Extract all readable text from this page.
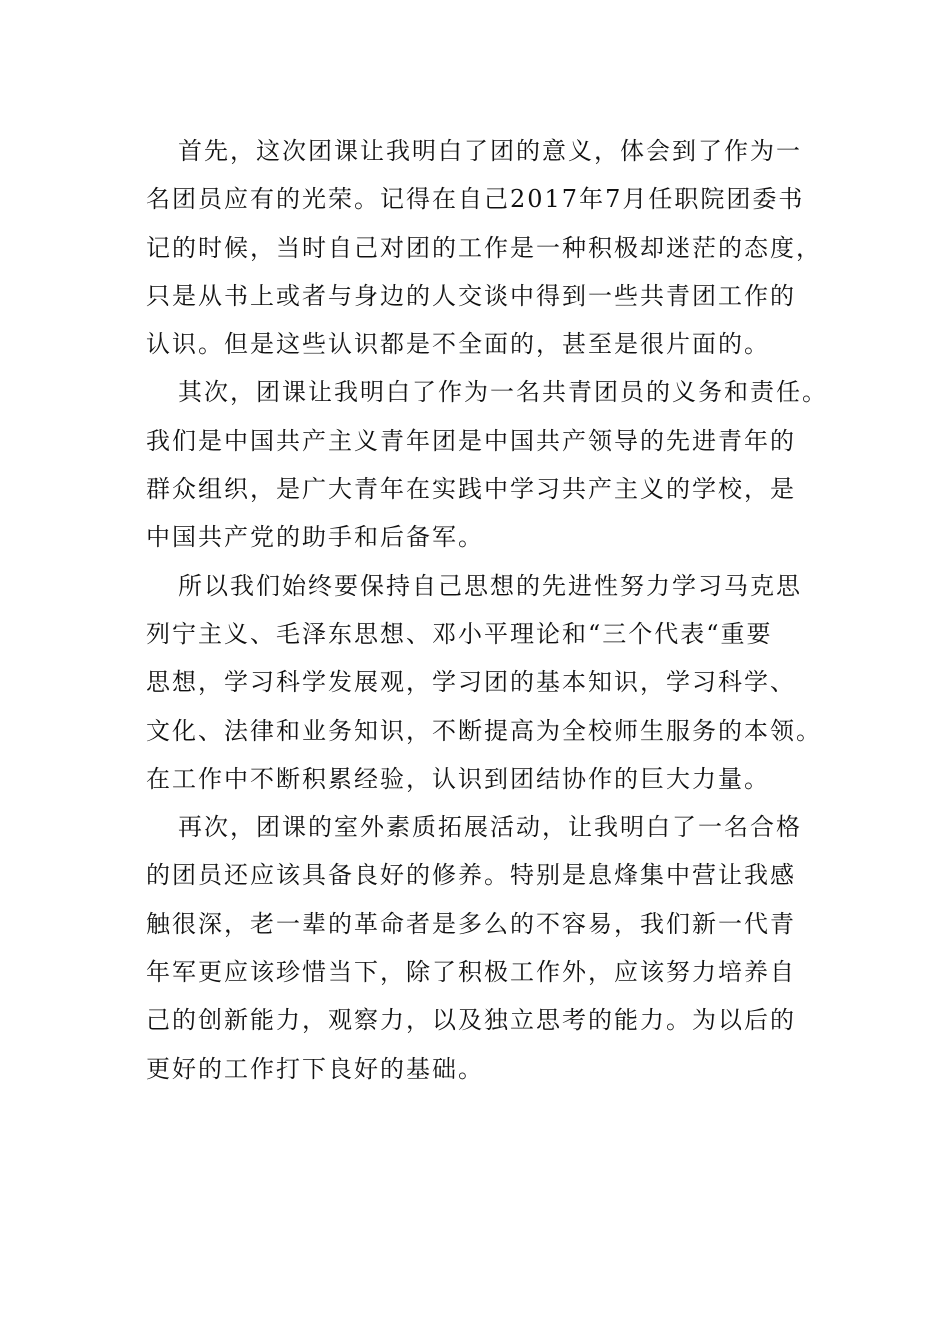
首先，这次团课让我明白了团的意义，体会到了作为一
名团员应有的光荣。记得在自己2017年7月任职院团委书
记的时候，当时自己对团的工作是一种积极却迷茫的态度，
只是从书上或者与身边的人交谈中得到一些共青团工作的
认识。但是这些认识都是不全面的，甚至是很片面的。
其次，团课让我明白了作为一名共青团员的义务和责任。
我们是中国共产主义青年团是中国共产领导的先进青年的
群众组织，是广大青年在实践中学习共产主义的学校，是
中国共产党的助手和后备军。
所以我们始终要保持自己思想的先进性努力学习马克思
列宁主义、毛泽东思想、邓小平理论和“三个代表“重要
思想，学习科学发展观，学习团的基本知识，学习科学、
文化、法律和业务知识，不断提高为全校师生服务的本领。
在工作中不断积累经验，认识到团结协作的巨大力量。
再次，团课的室外素质拓展活动，让我明白了一名合格
的团员还应该具备良好的修养。特别是息烽集中营让我感
触很深，老一辈的革命者是多么的不容易，我们新一代青
年军更应该珍惜当下，除了积极工作外，应该努力培养自
己的创新能力，观察力，以及独立思考的能力。为以后的
更好的工作打下良好的基础。
